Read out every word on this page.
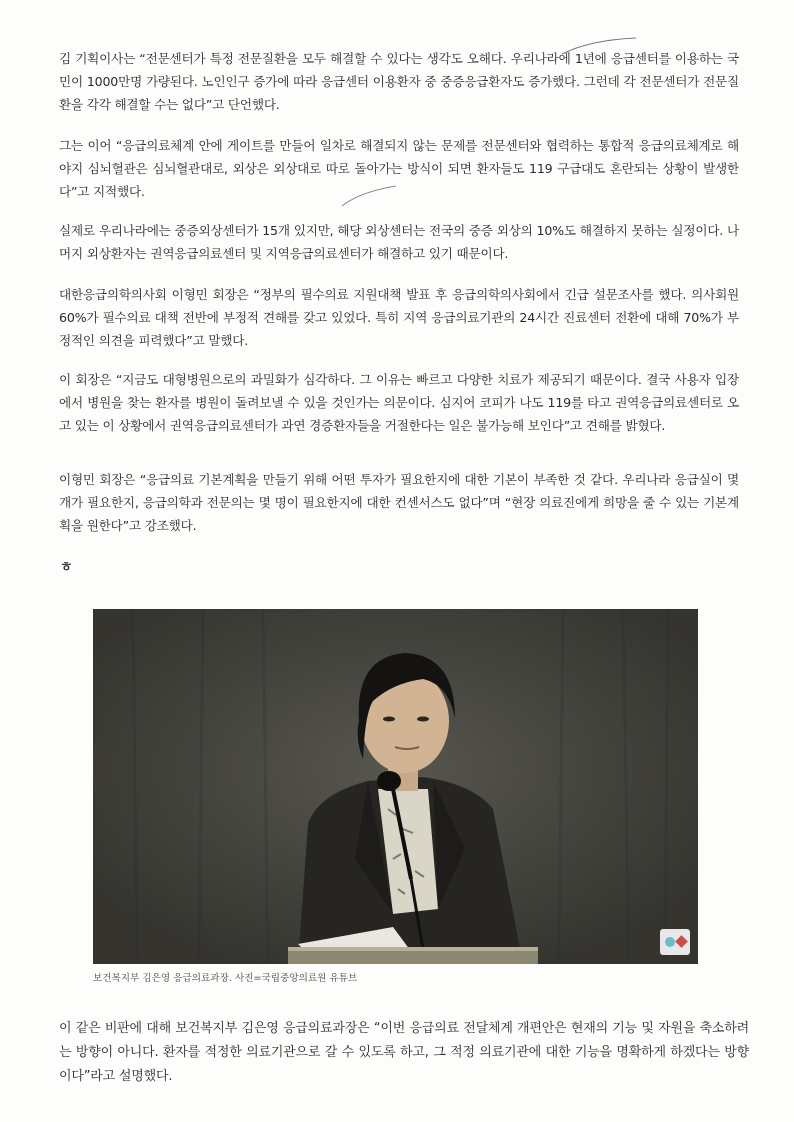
김 기획이사는 “전문센터가 특정 전문질환을 모두 해결할 수 있다는 생각도 오해다. 우리나라에 1년에 응급센터를 이용하는 국민이 1000만명 가량된다. 노인인구 증가에 따라 응급센터 이용환자 중 중증응급환자도 증가했다. 그런데 각 전문센터가 전문질환을 각각 해결할 수는 없다”고 단언했다.

그는 이어 “응급의료체계 안에 게이트를 만들어 일차로 해결되지 않는 문제를 전문센터와 협력하는 통합적 응급의료체계로 해야지 심뇌혈관은 심뇌혈관대로, 외상은 외상대로 따로 돌아가는 방식이 되면 환자들도 119 구급대도 혼란되는 상황이 발생한다”고 지적했다.

실제로 우리나라에는 중증외상센터가 15개 있지만, 해당 외상센터는 전국의 중증 외상의 10%도 해결하지 못하는 실정이다. 나머지 외상환자는 권역응급의료센터 및 지역응급의료센터가 해결하고 있기 때문이다.

대한응급의학의사회 이형민 회장은 “정부의 필수의료 지원대책 발표 후 응급의학의사회에서 긴급 설문조사를 했다. 의사회원 60%가 필수의료 대책 전반에 부정적 견해를 갖고 있었다. 특히 지역 응급의료기관의 24시간 진료센터 전환에 대해 70%가 부정적인 의견을 피력했다”고 말했다.

이 회장은 “지금도 대형병원으로의 과밀화가 심각하다. 그 이유는 빠르고 다양한 치료가 제공되기 때문이다. 결국 사용자 입장에서 병원을 찾는 환자를 병원이 돌려보낼 수 있을 것인가는 의문이다. 심지어 코피가 나도 119를 타고 권역응급의료센터로 오고 있는 이 상황에서 권역응급의료센터가 과연 경증환자들을 거절한다는 일은 불가능해 보인다”고 견해를 밝혔다.

이형민 회장은 “응급의료 기본계획을 만들기 위해 어떤 투자가 필요한지에 대한 기본이 부족한 것 같다. 우리나라 응급실이 몇 개가 필요한지, 응급의학과 전문의는 몇 명이 필요한지에 대한 컨센서스도 없다”며 “현장 의료진에게 희망을 줄 수 있는 기본계획을 원한다”고 강조했다.

ㅎ
보건복지부 김은영 응급의료과장. 사진=국립중앙의료원 유튜브

이 같은 비판에 대해 보건복지부 김은영 응급의료과장은 “이번 응급의료 전달체계 개편안은 현재의 기능 및 자원을 축소하려는 방향이 아니다. 환자를 적정한 의료기관으로 갈 수 있도록 하고, 그 적정 의료기관에 대한 기능을 명확하게 하겠다는 방향이다”라고 설명했다.
